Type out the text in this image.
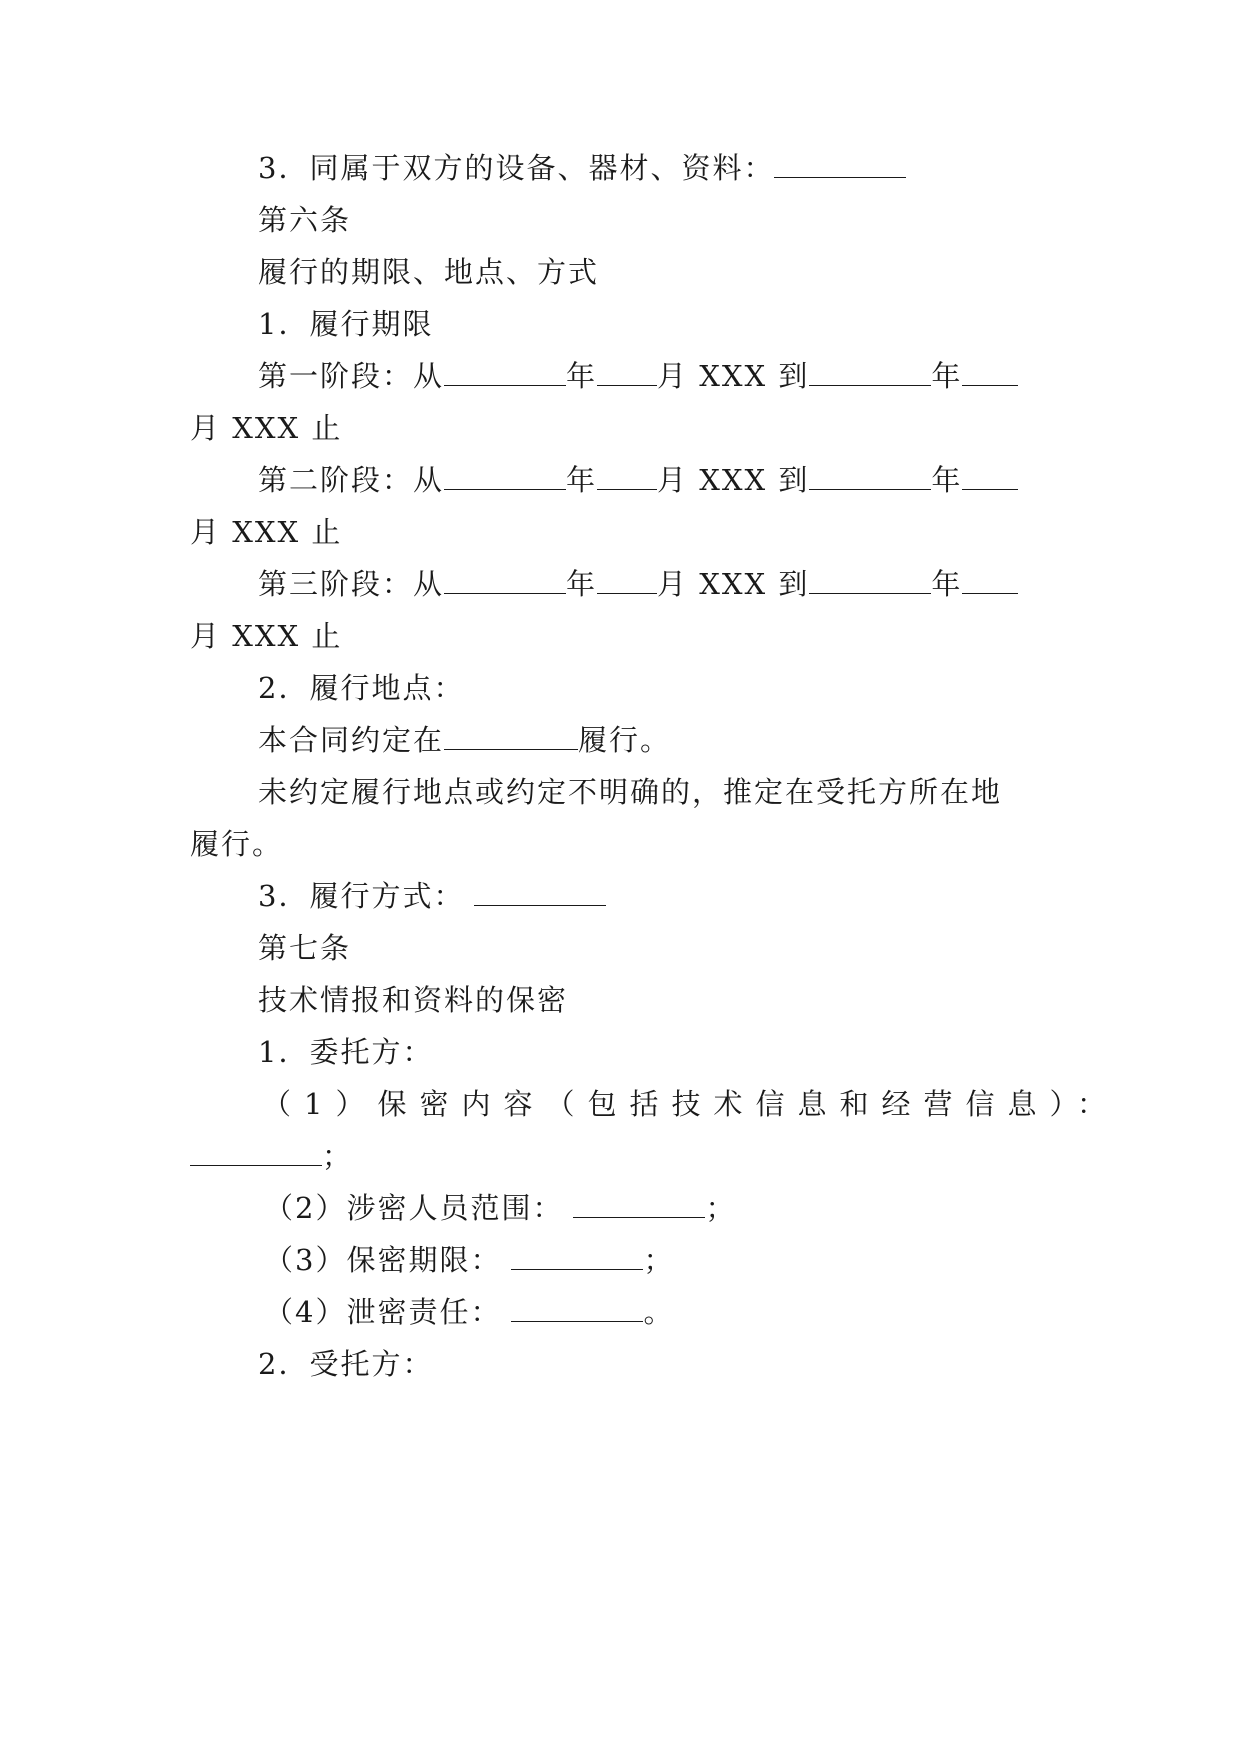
3．同属于双方的设备、器材、资料：
第六条
履行的期限、地点、方式
1．履行期限
第一阶段：从	年 月 XXX 到	年
月 XXX 止
第二阶段：从	年 月 XXX 到	年
月 XXX 止
第三阶段：从	年 月 XXX 到	年
月 XXX 止
2．履行地点：
本合同约定在	履行。
未约定履行地点或约定不明确的，推定在受托方所在地
履行。
3．履行方式：
第七条
技术情报和资料的保密
1．委托方：
（1）保密内容（包括技术信息和经营信息）：
；
（2）涉密人员范围：	；
（3）保密期限：	；
（4）泄密责任：	。
2．受托方：
